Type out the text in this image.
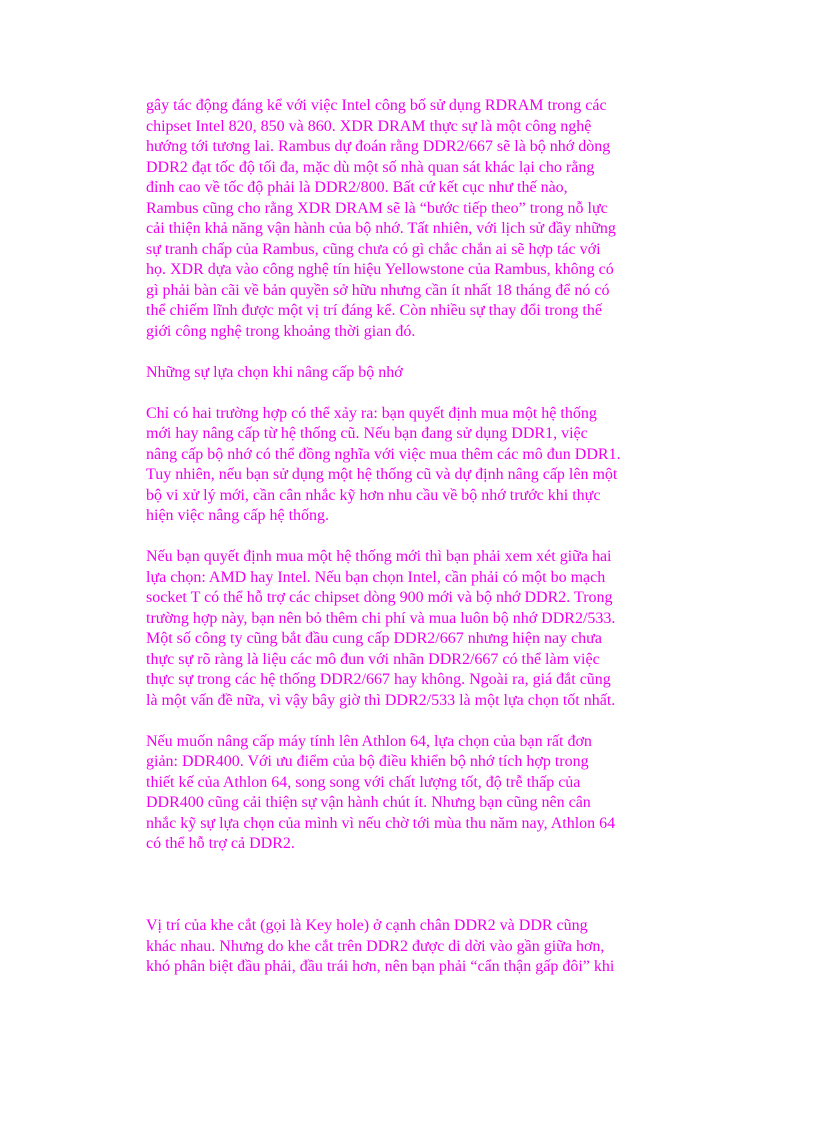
gây tác động đáng kể với việc Intel công bố sử dụng RDRAM trong các
chipset Intel 820, 850 và 860. XDR DRAM thực sự là một công nghệ
hướng tới tương lai. Rambus dự đoán rằng DDR2/667 sẽ là bộ nhớ dòng
DDR2 đạt tốc độ tối đa, mặc dù một số nhà quan sát khác lại cho rằng
đỉnh cao về tốc độ phải là DDR2/800. Bất cứ kết cục như thế nào,
Rambus cũng cho rằng XDR DRAM sẽ là “bước tiếp theo” trong nỗ lực
cải thiện khả năng vận hành của bộ nhớ. Tất nhiên, với lịch sử đầy những
sự tranh chấp của Rambus, cũng chưa có gì chắc chắn ai sẽ hợp tác với
họ. XDR dựa vào công nghệ tín hiệu Yellowstone của Rambus, không có
gì phải bàn cãi về bản quyền sở hữu nhưng cần ít nhất 18 tháng để nó có
thể chiếm lĩnh được một vị trí đáng kể. Còn nhiều sự thay đổi trong thế
giới công nghệ trong khoảng thời gian đó.

Những sự lựa chọn khi nâng cấp bộ nhớ

Chỉ có hai trường hợp có thể xảy ra: bạn quyết định mua một hệ thống
mới hay nâng cấp từ hệ thống cũ. Nếu bạn đang sử dụng DDR1, việc
nâng cấp bộ nhớ có thể đồng nghĩa với việc mua thêm các mô đun DDR1.
Tuy nhiên, nếu bạn sử dụng một hệ thống cũ và dự định nâng cấp lên một
bộ vi xử lý mới, cần cân nhắc kỹ hơn nhu cầu về bộ nhớ trước khi thực
hiện việc nâng cấp hệ thống.

Nếu bạn quyết định mua một hệ thống mới thì bạn phải xem xét giữa hai
lựa chọn: AMD hay Intel. Nếu bạn chọn Intel, cần phải có một bo mạch
socket T có thể hỗ trợ các chipset dòng 900 mới và bộ nhớ DDR2. Trong
trường hợp này, bạn nên bỏ thêm chi phí và mua luôn bộ nhớ DDR2/533.
Một số công ty cũng bắt đầu cung cấp DDR2/667 nhưng hiện nay chưa
thực sự rõ ràng là liệu các mô đun với nhãn DDR2/667 có thể làm việc
thực sự trong các hệ thống DDR2/667 hay không. Ngoài ra, giá đắt cũng
là một vấn đề nữa, vì vậy bây giờ thì DDR2/533 là một lựa chọn tốt nhất.

Nếu muốn nâng cấp máy tính lên Athlon 64, lựa chọn của bạn rất đơn
giản: DDR400. Với ưu điểm của bộ điều khiển bộ nhớ tích hợp trong
thiết kế của Athlon 64, song song với chất lượng tốt, độ trễ thấp của
DDR400 cũng cải thiện sự vận hành chút ít. Nhưng bạn cũng nên cân
nhắc kỹ sự lựa chọn của mình vì nếu chờ tới mùa thu năm nay, Athlon 64
có thể hỗ trợ cả DDR2.

Vị trí của khe cắt (gọi là Key hole) ở cạnh chân DDR2 và DDR cũng
khác nhau. Nhưng do khe cắt trên DDR2 được di dời vào gần giữa hơn,
khó phân biệt đầu phải, đầu trái hơn, nên bạn phải “cẩn thận gấp đôi” khi
